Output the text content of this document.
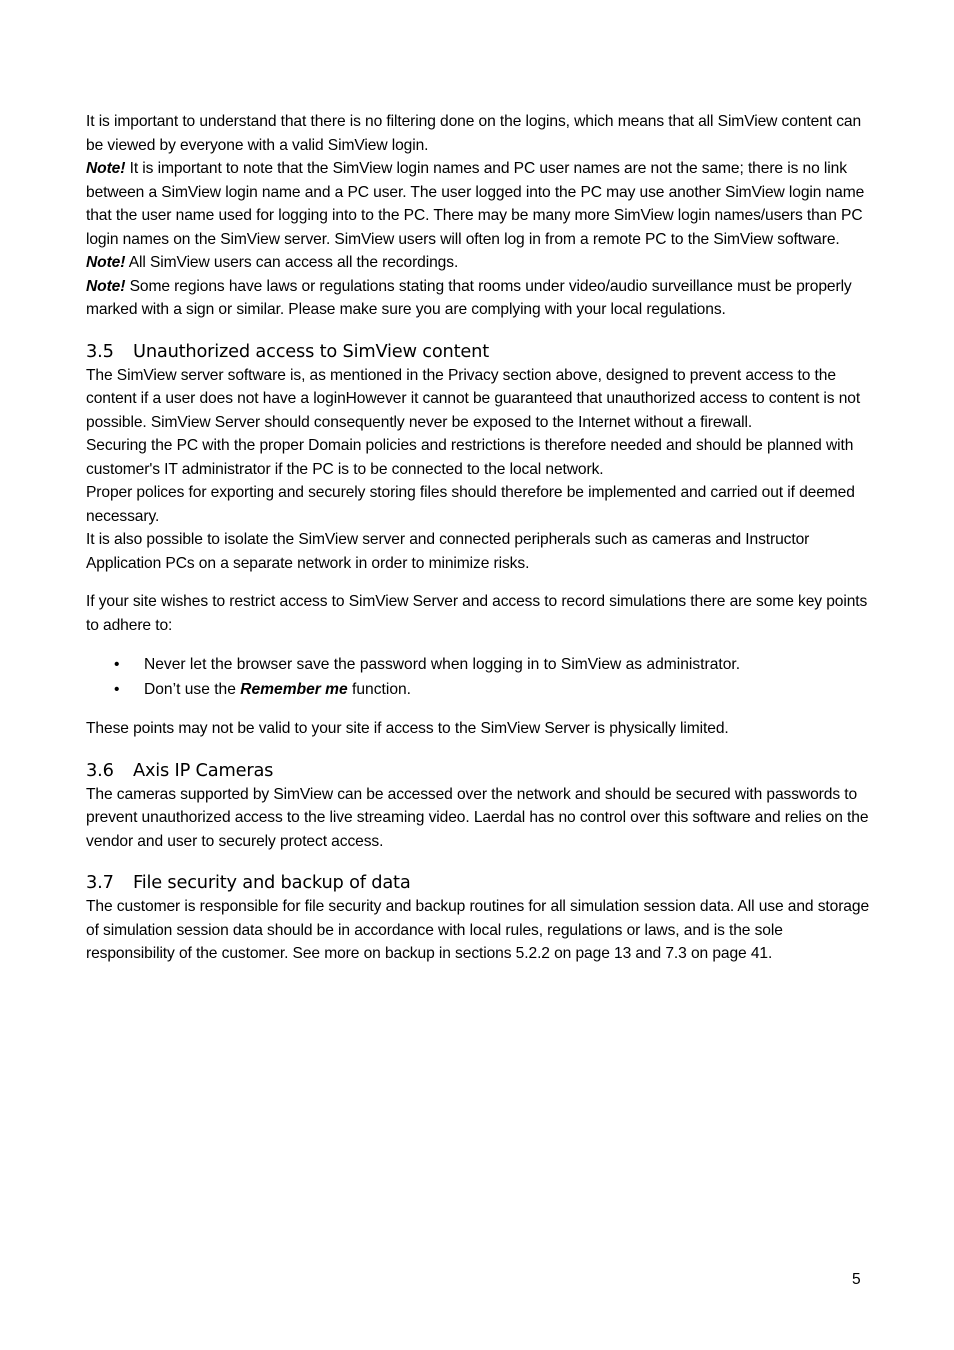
It is important to understand that there is no filtering done on the logins, which means that all SimView content can be viewed by everyone with a valid SimView login.

Note! It is important to note that the SimView login names and PC user names are not the same; there is no link between a SimView login name and a PC user. The user logged into the PC may use another SimView login name that the user name used for logging into to the PC. There may be many more SimView login names/users than PC login names on the SimView server. SimView users will often log in from a remote PC to the SimView software.

Note! All SimView users can access all the recordings.

Note! Some regions have laws or regulations stating that rooms under video/audio surveillance must be properly marked with a sign or similar. Please make sure you are complying with your local regulations.

3.5 Unauthorized access to SimView content

The SimView server software is, as mentioned in the Privacy section above, designed to prevent access to the content if a user does not have a loginHowever it cannot be guaranteed that unauthorized access to content is not possible. SimView Server should consequently never be exposed to the Internet without a firewall.

Securing the PC with the proper Domain policies and restrictions is therefore needed and should be planned with customer's IT administrator if the PC is to be connected to the local network.

Proper polices for exporting and securely storing files should therefore be implemented and carried out if deemed necessary.

It is also possible to isolate the SimView server and connected peripherals such as cameras and Instructor Application PCs on a separate network in order to minimize risks.

If your site wishes to restrict access to SimView Server and access to record simulations there are some key points to adhere to:

• Never let the browser save the password when logging in to SimView as administrator.
• Don’t use the Remember me function.

These points may not be valid to your site if access to the SimView Server is physically limited.

3.6 Axis IP Cameras

The cameras supported by SimView can be accessed over the network and should be secured with passwords to prevent unauthorized access to the live streaming video. Laerdal has no control over this software and relies on the vendor and user to securely protect access.

3.7 File security and backup of data

The customer is responsible for file security and backup routines for all simulation session data. All use and storage of simulation session data should be in accordance with local rules, regulations or laws, and is the sole responsibility of the customer. See more on backup in sections 5.2.2 on page 13 and 7.3 on page 41.

5
